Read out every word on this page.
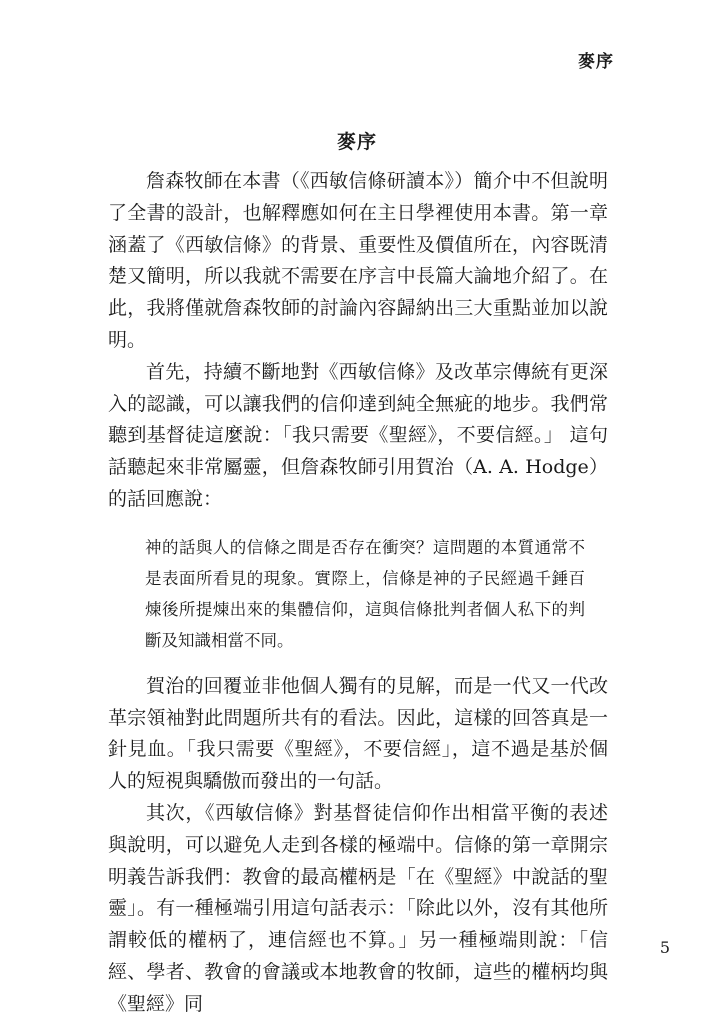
麥序
麥序

詹森牧師在本書（《西敏信條研讀本》）簡介中不但說明了全書的設計，也解釋應如何在主日學裡使用本書。第一章涵蓋了《西敏信條》的背景、重要性及價值所在，內容既清楚又簡明，所以我就不需要在序言中長篇大論地介紹了。在此，我將僅就詹森牧師的討論內容歸納出三大重點並加以說明。

首先，持續不斷地對《西敏信條》及改革宗傳統有更深入的認識，可以讓我們的信仰達到純全無疵的地步。我們常聽到基督徒這麼說：「我只需要《聖經》，不要信經。」 這句話聽起來非常屬靈，但詹森牧師引用賀治（A. A. Hodge）的話回應說：

神的話與人的信條之間是否存在衝突？這問題的本質通常不是表面所看見的現象。實際上，信條是神的子民經過千錘百煉後所提煉出來的集體信仰，這與信條批判者個人私下的判斷及知識相當不同。

賀治的回覆並非他個人獨有的見解，而是一代又一代改革宗領袖對此問題所共有的看法。因此，這樣的回答真是一針見血。「我只需要《聖經》，不要信經」，這不過是基於個人的短視與驕傲而發出的一句話。

其次，《西敏信條》對基督徒信仰作出相當平衡的表述與說明，可以避免人走到各樣的極端中。信條的第一章開宗明義告訴我們：教會的最高權柄是「在《聖經》中說話的聖靈」。有一種極端引用這句話表示：「除此以外，沒有其他所謂較低的權柄了，連信經也不算。」另一種極端則說：「信經、學者、教會的會議或本地教會的牧師，這些的權柄均與《聖經》同

5
